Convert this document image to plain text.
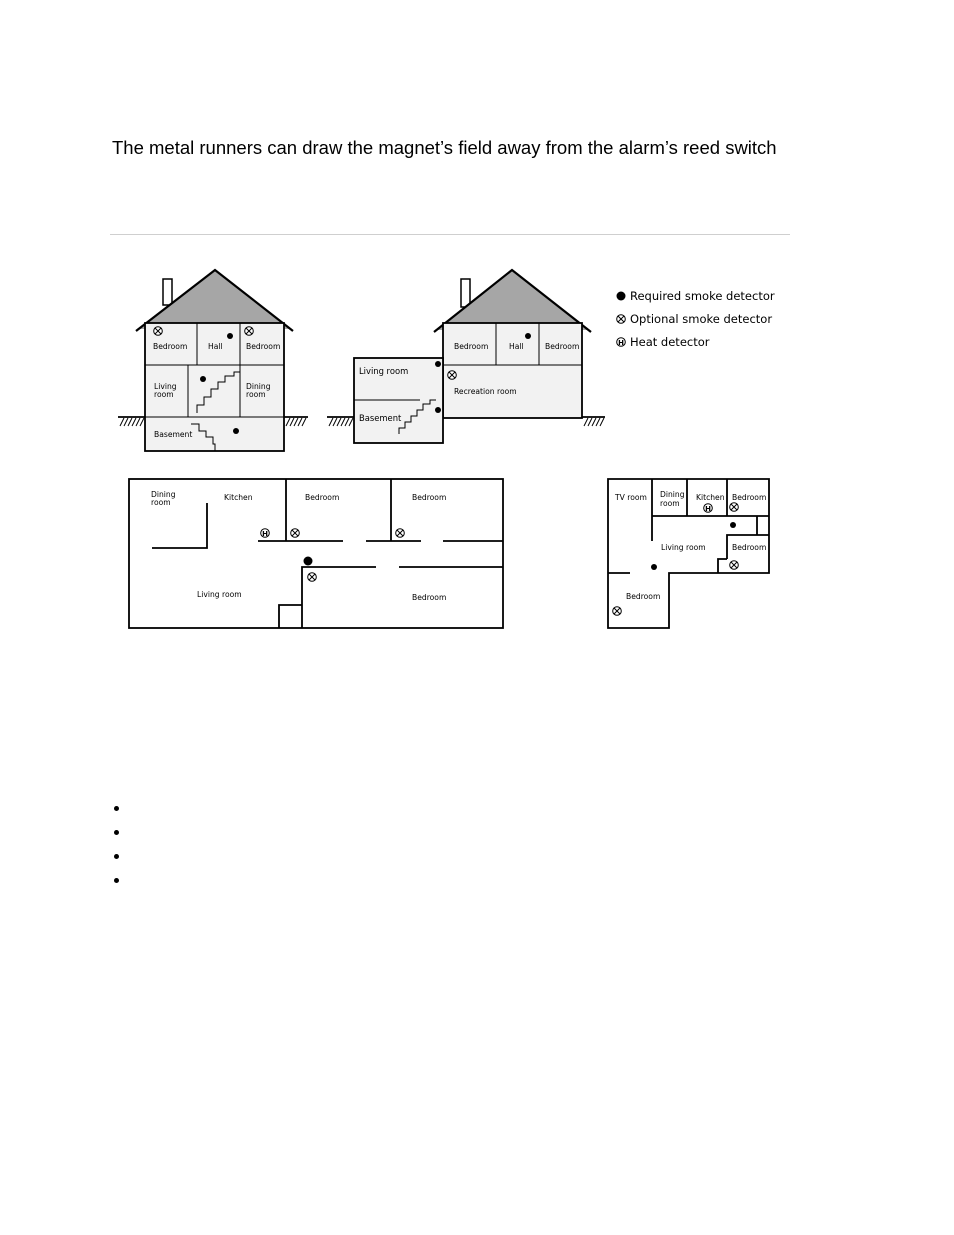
The metal runners can draw the magnet’s field away from the alarm’s reed switch
Bedroom	Hall	Bedroom
Living
room
Dining
room
Basement
Bedroom	Hall	Bedroom
Living room
Recreation room
Basement
Required smoke detector
Optional smoke detector
H Heat detector
Dining
room
Kitchen	Bedroom	Bedroom
Living room	Bedroom
H
TV room Dining
room
Kitchen Bedroom
Living room	Bedroom
Bedroom
H
